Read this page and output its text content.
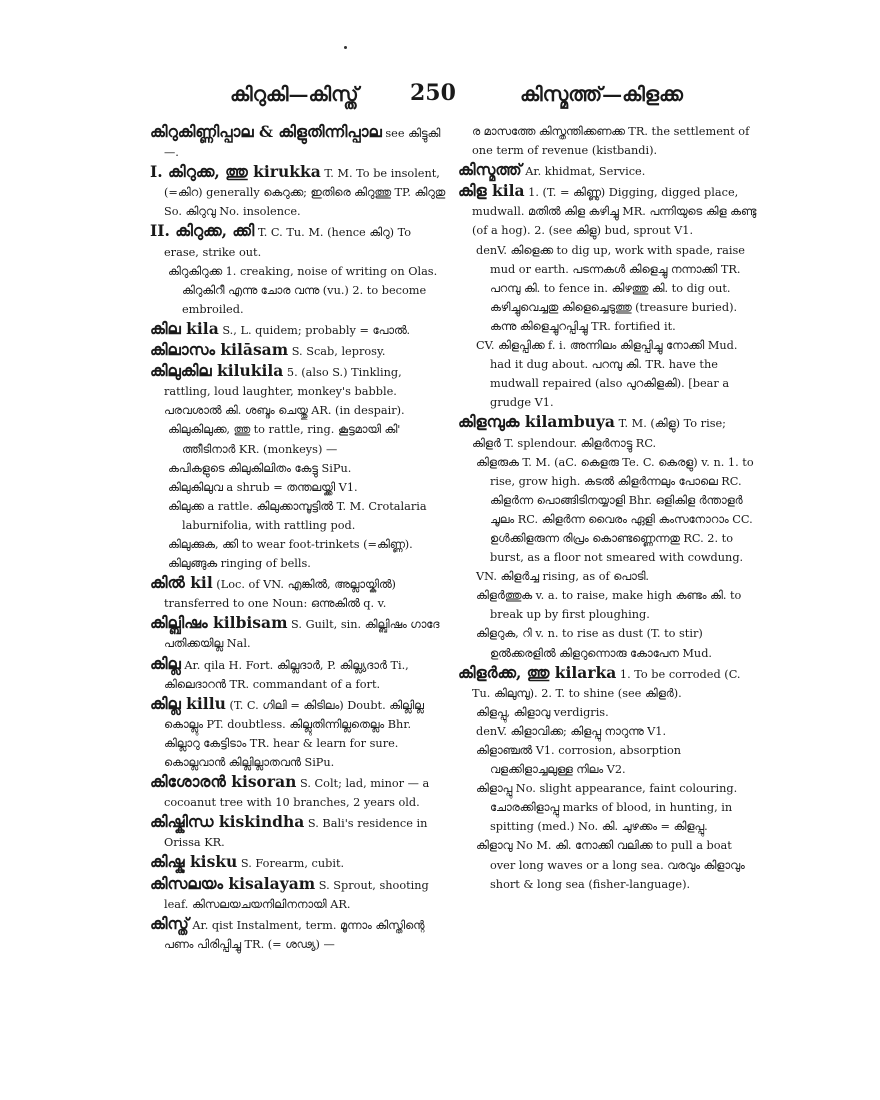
കിറുകി—കിസ്ത് 250	കിസ്മത്ത്—കിളക്ക

കിറുകിണ്ണിപ്പാല & കിളുതിന്നിപ്പാല see കിട്ടുകി—.

I. കിറുക്ക, ത്തു kirukka T. M. To be insolent, (=കിറ) generally കെറുക്ക; ഇതിരെ കിറുത്തു TP. കിറുതു So. കിറുവു No. insolence.

II. കിറുക്ക, ക്കി T. C. Tu. M. (hence കിറു) To erase, strike out.

കിറുകിറുക്ക 1. creaking, noise of writing on Olas. കിറുകിറീ എന്നു ചോര വന്നു (vu.) 2. to become embroiled.

കില kila S., L. quidem; probably = പോൽ.

കിലാസം kilāsam S. Scab, leprosy.

കിലുകില kilukila 5. (also S.) Tinkling, rattling, loud laughter, monkey's babble. പരവശാൽ കി. ശബ്ദം ചെയ്തു AR. (in despair).

കിലുകിലുക്ക, ത്തു to rattle, ring. കൂട്ടമായി കി' ത്തീടിനാർ KR. (monkeys) —

കപികളുടെ കിലുകിലിതം കേട്ടു SiPu.

കിലുകിലുവ a shrub = തന്തലയ്ക്കി V1.

കിലുക്ക a rattle. കിലുക്കാമ്പൂട്ടിൽ T. M. Crotalaria laburnifolia, with rattling pod.

കിലുക്കുക, ക്കി to wear foot-trinkets (=കിണ്ണ).

കിലുങ്ങുക ringing of bells.

കിൽ kil (Loc. of VN. എങ്കിൽ, അല്ലായ്കിൽ) transferred to one Noun: ഒന്നുകിൽ q. v.

കില്ബിഷം kilbisam S. Guilt, sin. കില്ബിഷം ഗാദേ പതിക്കയില്ല Nal.

കില്ല Ar. qila H. Fort. കില്ലദാർ, P. കില്ല്യദാർ Ti., കിലെദാറൻ TR. commandant of a fort.

കില്ല killu (T. C. ഗിലി = കിടിലം) Doubt. കില്ലില്ല കൊല്ലും PT. doubtless. കില്ലുതിന്നില്ലതെല്ലം Bhr. കില്ലാറു കേട്ടിടാം TR. hear & learn for sure. കൊല്ലവാൻ കില്ലില്ലാതവൻ SiPu.

കിശോരൻ kisoran S. Colt; lad, minor — a cocoanut tree with 10 branches, 2 years old.

കിഷ്കിന്ധ kiskindha S. Bali's residence in Orissa KR.

കിഷ്കു kisku S. Forearm, cubit.

കിസലയം kisalayam S. Sprout, shooting leaf. കിസലയചയനിലിനനായി AR.

കിസ്ത് Ar. qist Instalment, term. മൂന്നാം കിസ്തിന്റെ പണം പിരിപ്പിച്ചു TR. (= ശഢ്യ) —

ര മാസത്തേ കിസ്തന്തിക്കണക്ക TR. the settlement of one term of revenue (kistbandi).

കിസ്മത്ത് Ar. khidmat, Service.

കിള kila 1. (T. = കിണ്ണു) Digging, digged place, mudwall. മതിൽ കിള കഴിച്ചു MR. പന്നിയുടെ കിള കണ്ടു (of a hog). 2. (see കിളു) bud, sprout V1.

denV. കിളെക്ക to dig up, work with spade, raise mud or earth. പടന്നകൾ കിളെച്ചു നന്നാക്കി TR. പറമ്പു കി. to fence in. കിഴത്തു കി. to dig out. കഴിച്ചുവെച്ചതു കിളെച്ചെടുത്തു (treasure buried). കന്നു കിളെച്ചുറപ്പിച്ചു TR. fortified it.

CV. കിളപ്പിക്ക f. i. അന്നിലം കിളപ്പിച്ചു നോക്കി Mud. had it dug about. പറമ്പു കി. TR. have the mudwall repaired (also പുറകിളകി). [bear a grudge V1.

കിളമ്പുക kilambuya T. M. (കിളു) To rise; കിളർ T. splendour. കിളർനാട്ടു RC.

കിളരുക T. M. (aC. കെളരു Te. C. കെരളു) v. n. 1. to rise, grow high. കടൽ കിളർന്നലും പോലെ RC. കിളർന്ന പൊങ്ങിടിനയ്യാളി Bhr. ഒളികിള ർന്താളർ ചൂലം RC. കിളർന്ന വൈരം ഏളി കംസനോറാം CC. ഉൾക്കിളരുന്ന രിപ്രം കൊണ്ടണ്ണെന്നതു RC. 2. to burst, as a floor not smeared with cowdung.

VN. കിളർച്ച rising, as of പൊടി.

കിളർത്തുക v. a. to raise, make high കണ്ടം കി. to break up by first ploughing.

കിളറുക, റി v. n. to rise as dust (T. to stir) ഉൽക്കരളിൽ കിളറുന്നൊരു കോപേന Mud.

കിളർക്ക, ത്തു kilarka 1. To be corroded (C. Tu. കിലുമ്പു). 2. T. to shine (see കിളർ).

കിളപ്പു, കിളാവു verdigris.

denV. കിളാവിക്ക; കിളപ്പു നാറുന്നു V1.

കിളാഞ്ചൽ V1. corrosion, absorption വളക്കിളാച്ചലുള്ള നിലം V2.

കിളാപ്പു No. slight appearance, faint colouring. ചോരക്കിളാപ്പു marks of blood, in hunting, in spitting (med.) No. കി. ചുഴക്കം = കിളപ്പു.

കിളാവു No M. കി. നോക്കി വലിക്ക to pull a boat over long waves or a long sea. വരവും കിളാവും short & long sea (fisher-language).
